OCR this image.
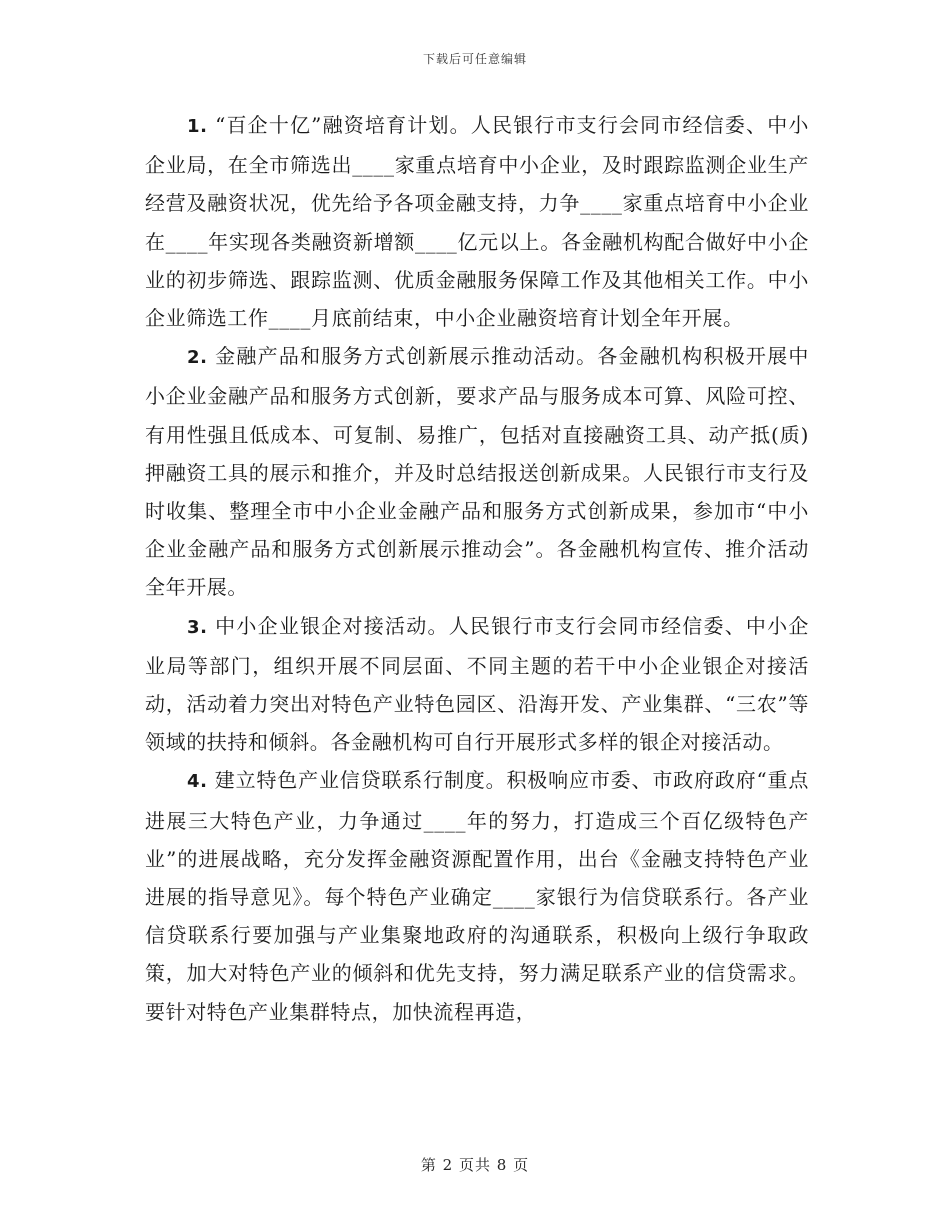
下载后可任意编辑

1. “百企十亿”融资培育计划。人民银行市支行会同市经信委、中小企业局，在全市筛选出____家重点培育中小企业，及时跟踪监测企业生产经营及融资状况，优先给予各项金融支持，力争____家重点培育中小企业在____年实现各类融资新增额____亿元以上。各金融机构配合做好中小企业的初步筛选、跟踪监测、优质金融服务保障工作及其他相关工作。中小企业筛选工作____月底前结束，中小企业融资培育计划全年开展。

2. 金融产品和服务方式创新展示推动活动。各金融机构积极开展中小企业金融产品和服务方式创新，要求产品与服务成本可算、风险可控、有用性强且低成本、可复制、易推广，包括对直接融资工具、动产抵(质)押融资工具的展示和推介，并及时总结报送创新成果。人民银行市支行及时收集、整理全市中小企业金融产品和服务方式创新成果，参加市“中小企业金融产品和服务方式创新展示推动会”。各金融机构宣传、推介活动全年开展。

3. 中小企业银企对接活动。人民银行市支行会同市经信委、中小企业局等部门，组织开展不同层面、不同主题的若干中小企业银企对接活动，活动着力突出对特色产业特色园区、沿海开发、产业集群、“三农”等领域的扶持和倾斜。各金融机构可自行开展形式多样的银企对接活动。

4. 建立特色产业信贷联系行制度。积极响应市委、市政府政府“重点进展三大特色产业，力争通过____年的努力，打造成三个百亿级特色产业”的进展战略，充分发挥金融资源配置作用，出台《金融支持特色产业进展的指导意见》。每个特色产业确定____家银行为信贷联系行。各产业信贷联系行要加强与产业集聚地政府的沟通联系，积极向上级行争取政策，加大对特色产业的倾斜和优先支持，努力满足联系产业的信贷需求。要针对特色产业集群特点，加快流程再造，

第 2 页共 8 页
